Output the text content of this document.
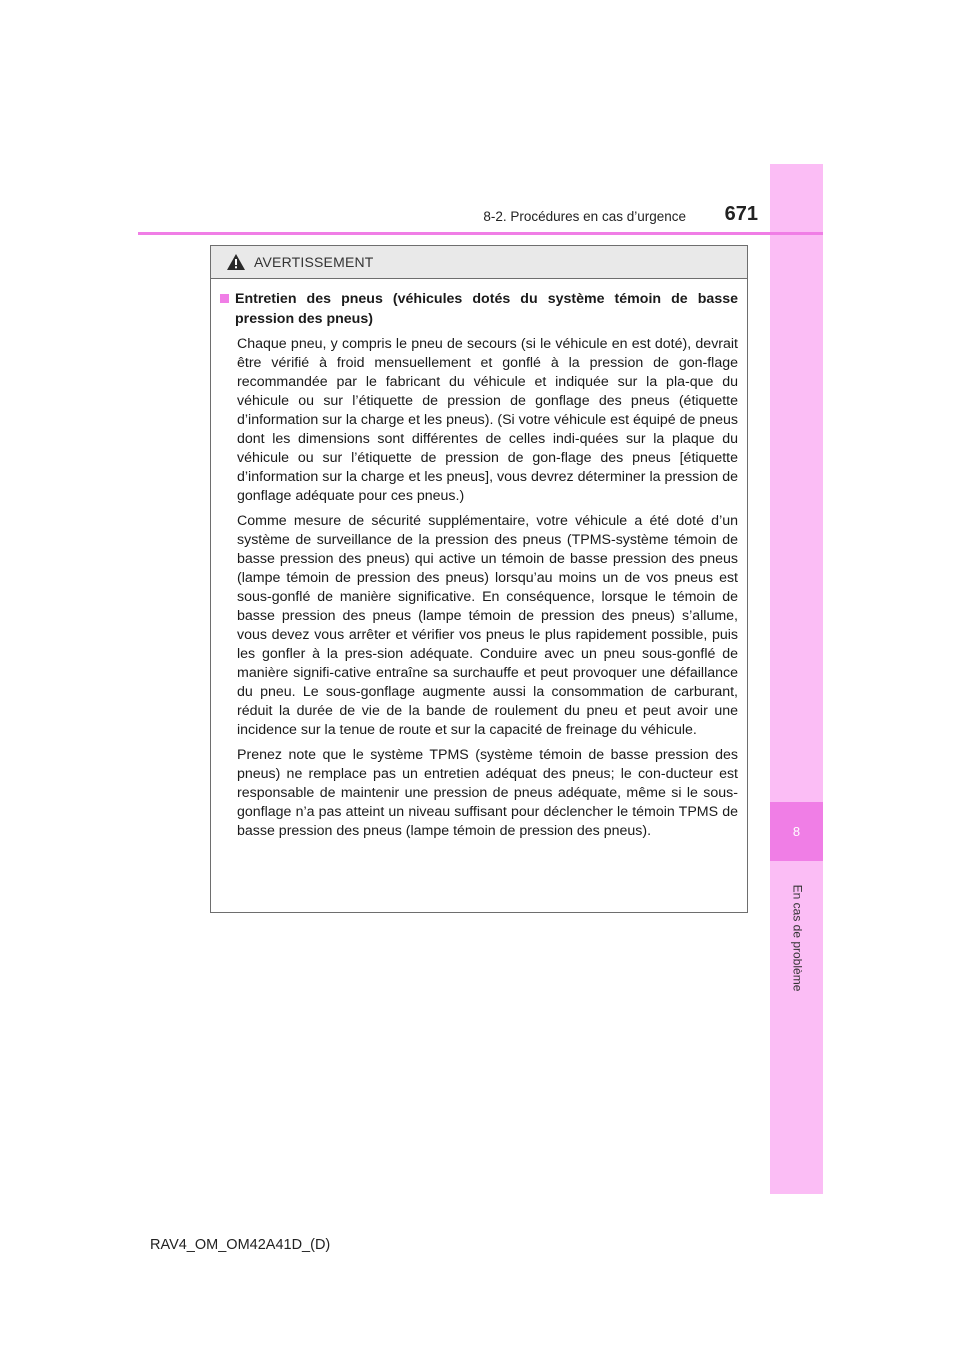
8
En cas de problème
8-2. Procédures en cas d’urgence	671
AVERTISSEMENT
Entretien des pneus (véhicules dotés du système témoin de basse pression des pneus)

Chaque pneu, y compris le pneu de secours (si le véhicule en est doté), devrait être vérifié à froid mensuellement et gonflé à la pression de gon-flage recommandée par le fabricant du véhicule et indiquée sur la pla-que du véhicule ou sur l’étiquette de pression de gonflage des pneus (étiquette d’information sur la charge et les pneus). (Si votre véhicule est équipé de pneus dont les dimensions sont différentes de celles indi-quées sur la plaque du véhicule ou sur l’étiquette de pression de gon-flage des pneus [étiquette d’information sur la charge et les pneus], vous devrez déterminer la pression de gonflage adéquate pour ces pneus.)

Comme mesure de sécurité supplémentaire, votre véhicule a été doté d’un système de surveillance de la pression des pneus (TPMS-système témoin de basse pression des pneus) qui active un témoin de basse pression des pneus (lampe témoin de pression des pneus) lorsqu’au moins un de vos pneus est sous-gonflé de manière significative. En conséquence, lorsque le témoin de basse pression des pneus (lampe témoin de pression des pneus) s’allume, vous devez vous arrêter et vérifier vos pneus le plus rapidement possible, puis les gonfler à la pres-sion adéquate. Conduire avec un pneu sous-gonflé de manière signifi-cative entraîne sa surchauffe et peut provoquer une défaillance du pneu. Le sous-gonflage augmente aussi la consommation de carburant, réduit la durée de vie de la bande de roulement du pneu et peut avoir une incidence sur la tenue de route et sur la capacité de freinage du véhicule.

Prenez note que le système TPMS (système témoin de basse pression des pneus) ne remplace pas un entretien adéquat des pneus; le con-ducteur est responsable de maintenir une pression de pneus adéquate, même si le sous-gonflage n’a pas atteint un niveau suffisant pour déclencher le témoin TPMS de basse pression des pneus (lampe témoin de pression des pneus).

RAV4_OM_OM42A41D_(D)
